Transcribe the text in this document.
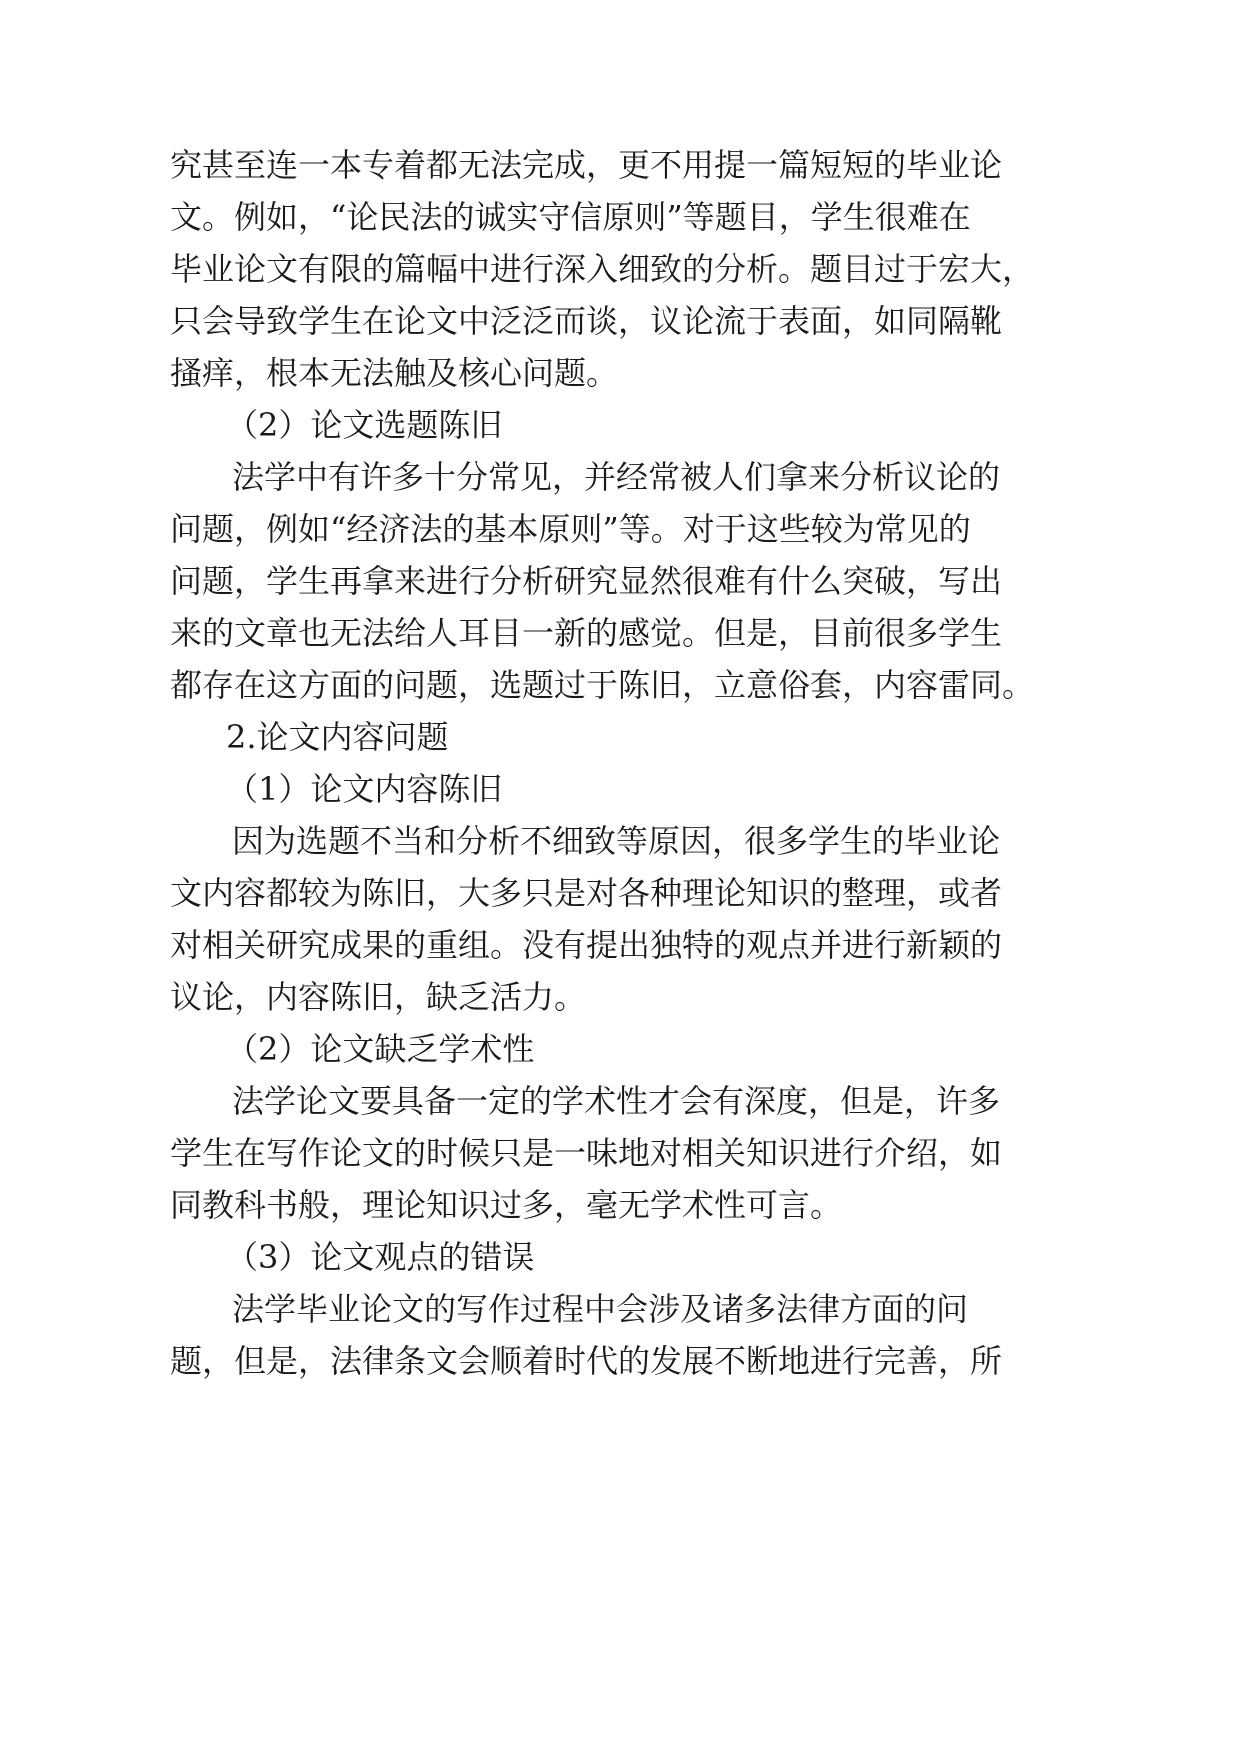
究甚至连一本专着都无法完成，更不用提一篇短短的毕业论
文。例如，“论民法的诚实守信原则”等题目，学生很难在
毕业论文有限的篇幅中进行深入细致的分析。题目过于宏大，
只会导致学生在论文中泛泛而谈，议论流于表面，如同隔靴
搔痒，根本无法触及核心问题。
（2）论文选题陈旧
法学中有许多十分常见，并经常被人们拿来分析议论的
问题，例如“经济法的基本原则”等。对于这些较为常见的
问题，学生再拿来进行分析研究显然很难有什么突破，写出
来的文章也无法给人耳目一新的感觉。但是，目前很多学生
都存在这方面的问题，选题过于陈旧，立意俗套，内容雷同。
2.论文内容问题
（1）论文内容陈旧
因为选题不当和分析不细致等原因，很多学生的毕业论
文内容都较为陈旧，大多只是对各种理论知识的整理，或者
对相关研究成果的重组。没有提出独特的观点并进行新颖的
议论，内容陈旧，缺乏活力。
（2）论文缺乏学术性
法学论文要具备一定的学术性才会有深度，但是，许多
学生在写作论文的时候只是一味地对相关知识进行介绍，如
同教科书般，理论知识过多，毫无学术性可言。
（3）论文观点的错误
法学毕业论文的写作过程中会涉及诸多法律方面的问
题，但是，法律条文会顺着时代的发展不断地进行完善，所
